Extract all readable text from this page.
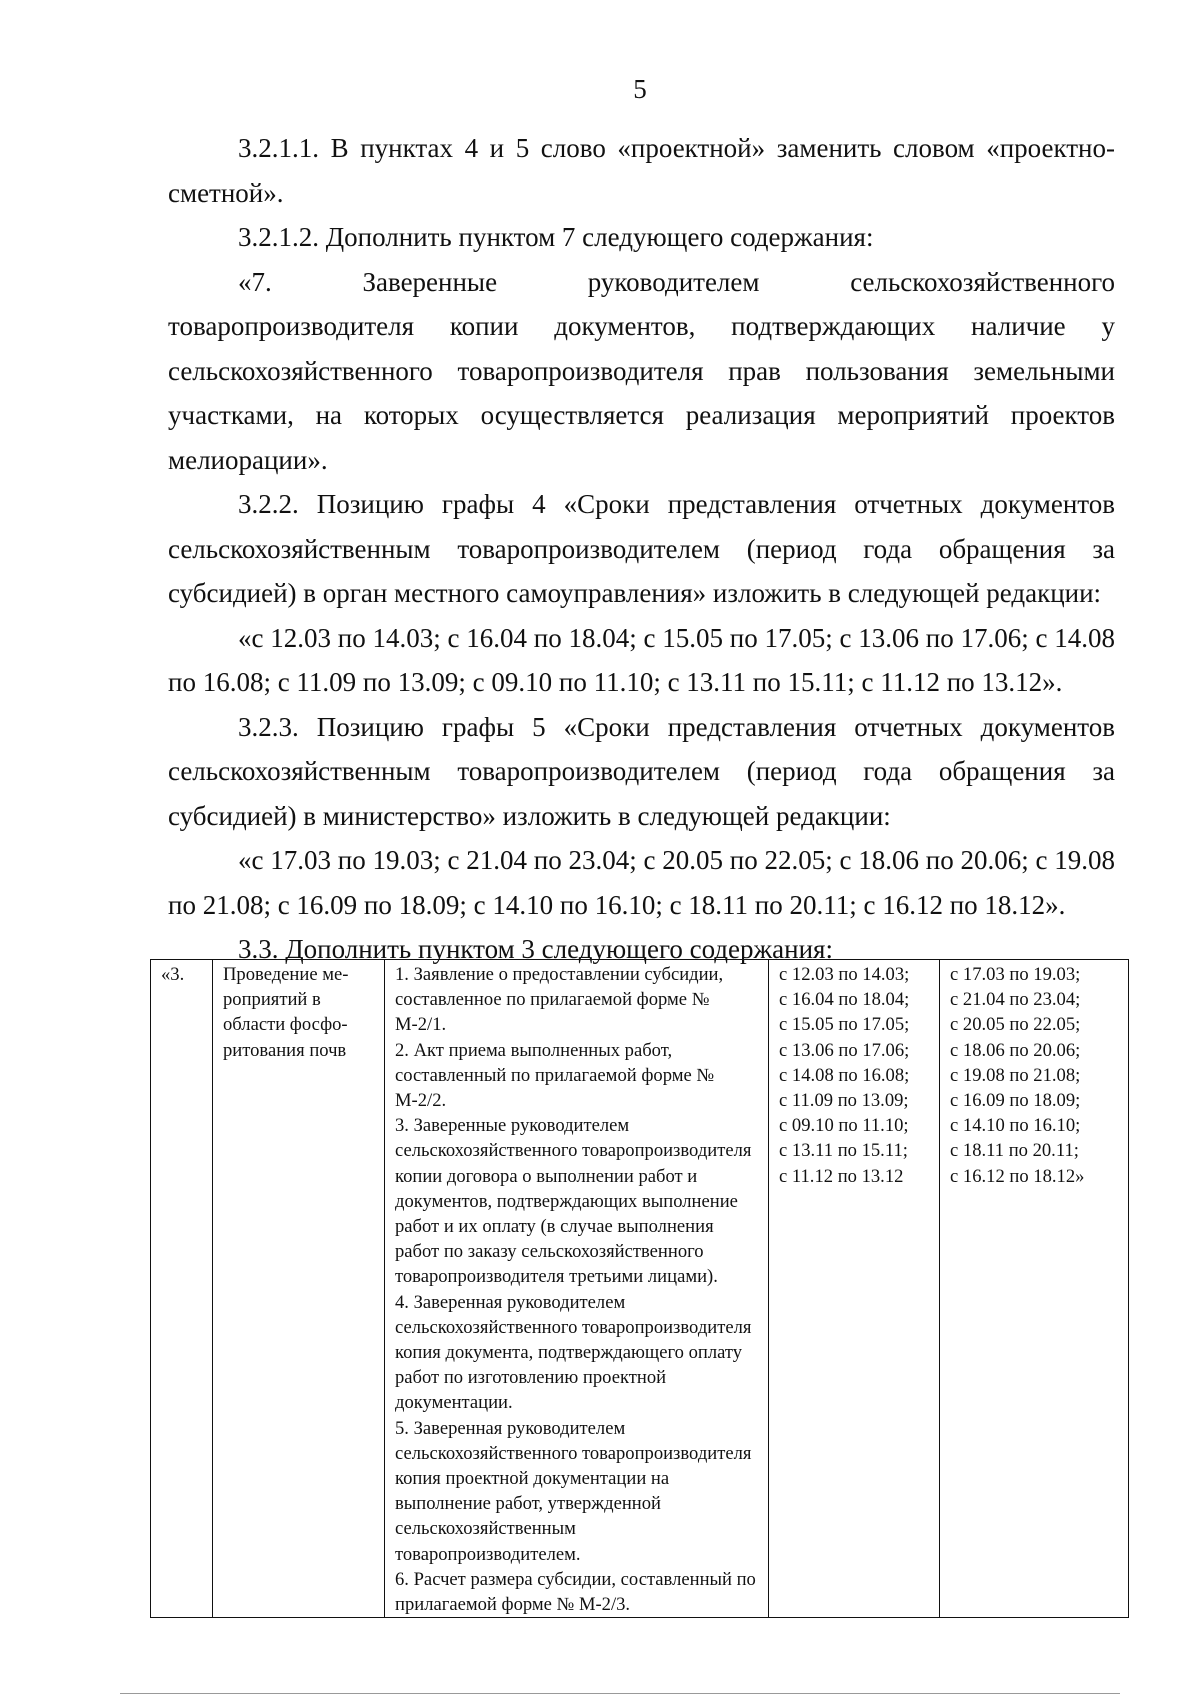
5

3.2.1.1. В пунктах 4 и 5 слово «проектной» заменить словом «проектно-сметной».

3.2.1.2. Дополнить пунктом 7 следующего содержания:

«7. Заверенные руководителем сельскохозяйственного товаропроизводителя копии документов, подтверждающих наличие у сельскохозяйственного товаропроизводителя прав пользования земельными участками, на которых осуществляется реализация мероприятий проектов мелиорации».

3.2.2. Позицию графы 4 «Сроки представления отчетных документов сельскохозяйственным товаропроизводителем (период года обращения за субсидией) в орган местного самоуправления» изложить в следующей редакции:

«с 12.03 по 14.03; с 16.04 по 18.04; с 15.05 по 17.05; с 13.06 по 17.06; с 14.08 по 16.08; с 11.09 по 13.09; с 09.10 по 11.10; с 13.11 по 15.11; с 11.12 по 13.12».

3.2.3. Позицию графы 5 «Сроки представления отчетных документов сельскохозяйственным товаропроизводителем (период года обращения за субсидией) в министерство» изложить в следующей редакции:

«с 17.03 по 19.03; с 21.04 по 23.04; с 20.05 по 22.05; с 18.06 по 20.06; с 19.08 по 21.08; с 16.09 по 18.09; с 14.10 по 16.10; с 18.11 по 20.11; с 16.12 по 18.12».

3.3. Дополнить пунктом 3 следующего содержания:

«3.	Проведение ме-
роприятий в
области фосфо-
ритования почв

1. Заявление о предоставлении субсидии, составленное по прилагаемой форме № М-2/1.
2. Акт приема выполненных работ, составленный по прилагаемой форме № М-2/2.
3. Заверенные руководителем сельскохозяйственного товаропроизводителя копии договора о выполнении работ и документов, подтверждающих выполнение работ и их оплату (в случае выполнения работ по заказу сельскохозяйственного товаропроизводителя третьими лицами).
4. Заверенная руководителем сельскохозяйственного товаропроизводителя копия документа, подтверждающего оплату работ по изготовлению проектной документации.
5. Заверенная руководителем сельскохозяйственного товаропроизводителя копия проектной документации на выполнение работ, утвержденной сельскохозяйственным товаропроизводителем.
6. Расчет размера субсидии, составленный по прилагаемой форме № М-2/3.

с 12.03 по 14.03;
с 16.04 по 18.04;
с 15.05 по 17.05;
с 13.06 по 17.06;
с 14.08 по 16.08;
с 11.09 по 13.09;
с 09.10 по 11.10;
с 13.11 по 15.11;
с 11.12 по 13.12

с 17.03 по 19.03;
с 21.04 по 23.04;
с 20.05 по 22.05;
с 18.06 по 20.06;
с 19.08 по 21.08;
с 16.09 по 18.09;
с 14.10 по 16.10;
с 18.11 по 20.11;
с 16.12 по 18.12»
